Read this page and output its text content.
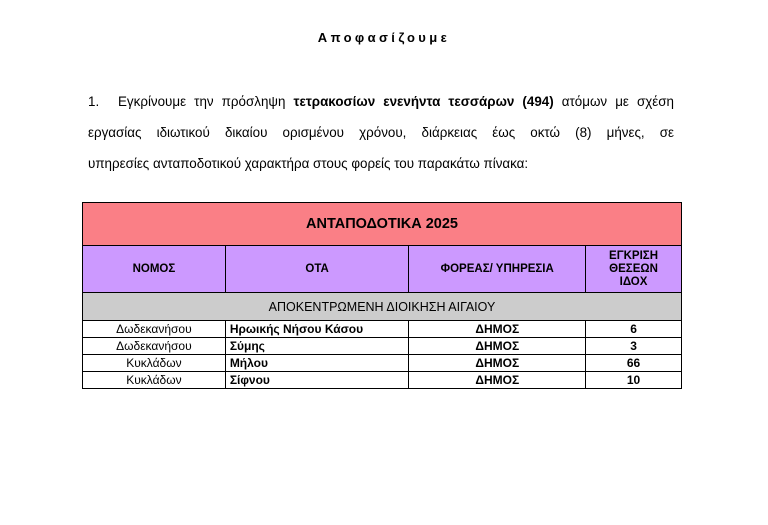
Αποφασίζουμε
1.	Εγκρίνουμε την πρόσληψη τετρακοσίων ενενήντα τεσσάρων (494) ατόμων με σχέση
εργασίας ιδιωτικού δικαίου ορισμένου χρόνου, διάρκειας έως οκτώ (8) μήνες, σε
υπηρεσίες ανταποδοτικού χαρακτήρα στους φορείς του παρακάτω πίνακα:
ΑΝΤΑΠΟΔΟΤΙΚΑ 2025			
ΝΟΜΟΣ	ΟΤΑ	ΦΟΡΕΑΣ/ ΥΠΗΡΕΣΙΑ	ΕΓΚΡΙΣΗ
ΘΕΣΕΩΝ
ΙΔΟΧ
ΑΠΟΚΕΝΤΡΩΜΕΝΗ ΔΙΟΙΚΗΣΗ ΑΙΓΑΙΟΥ			
Δωδεκανήσου	Ηρωικής Νήσου Κάσου	ΔΗΜΟΣ	6
Δωδεκανήσου	Σύμης	ΔΗΜΟΣ	3
Κυκλάδων	Μήλου	ΔΗΜΟΣ	66
Κυκλάδων	Σίφνου	ΔΗΜΟΣ	10
